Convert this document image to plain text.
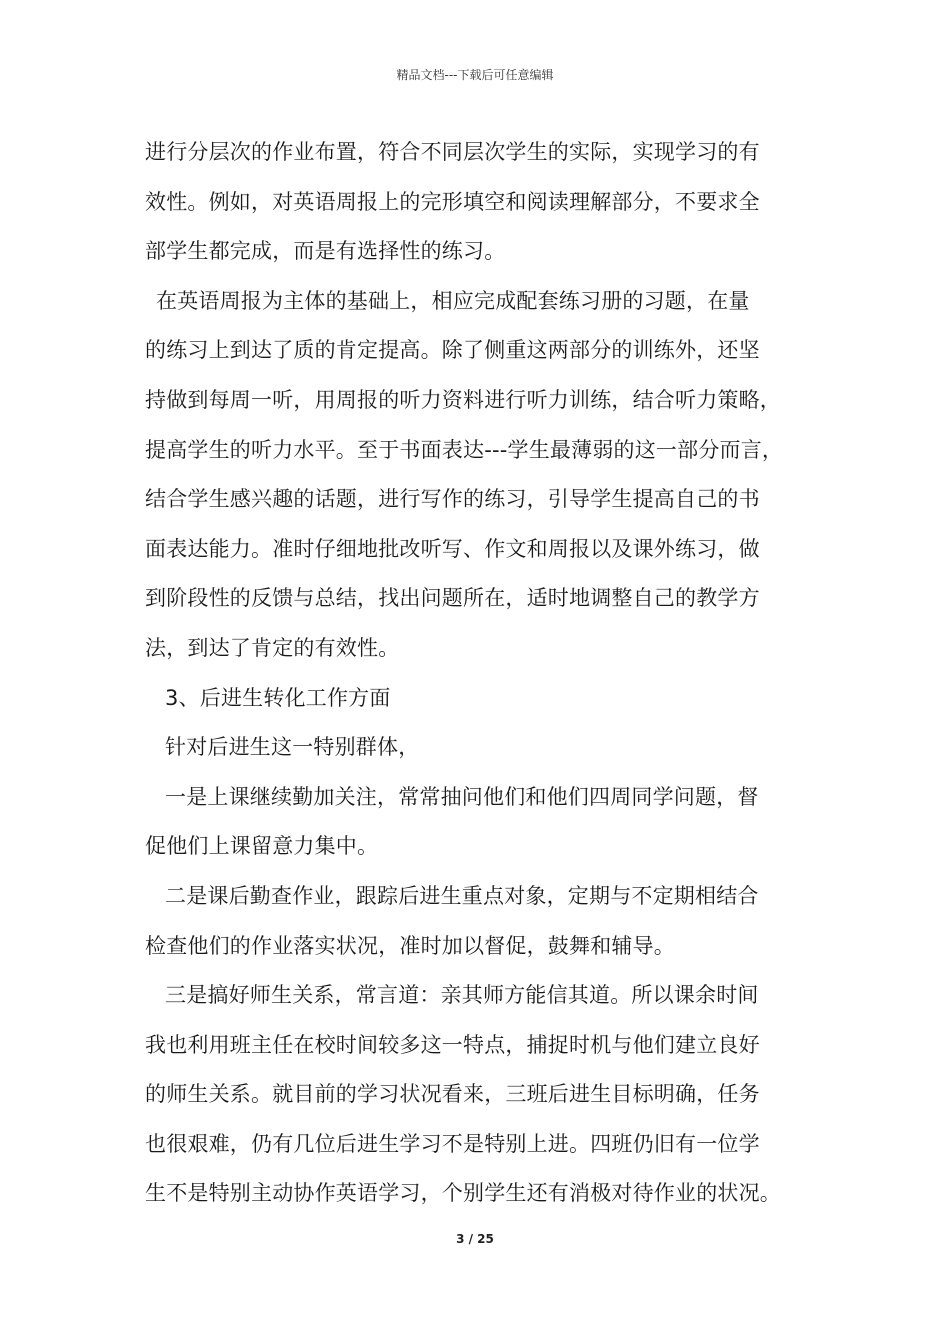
精品文档---下载后可任意编辑
进行分层次的作业布置，符合不同层次学生的实际，实现学习的有
效性。例如，对英语周报上的完形填空和阅读理解部分，不要求全
部学生都完成，而是有选择性的练习。
在英语周报为主体的基础上，相应完成配套练习册的习题，在量
的练习上到达了质的肯定提高。除了侧重这两部分的训练外，还坚
持做到每周一听，用周报的听力资料进行听力训练，结合听力策略，
提高学生的听力水平。至于书面表达---学生最薄弱的这一部分而言，
结合学生感兴趣的话题，进行写作的练习，引导学生提高自己的书
面表达能力。准时仔细地批改听写、作文和周报以及课外练习，做
到阶段性的反馈与总结，找出问题所在，适时地调整自己的教学方
法，到达了肯定的有效性。
3、后进生转化工作方面
针对后进生这一特别群体，
一是上课继续勤加关注，常常抽问他们和他们四周同学问题，督
促他们上课留意力集中。
二是课后勤查作业，跟踪后进生重点对象，定期与不定期相结合
检查他们的作业落实状况，准时加以督促，鼓舞和辅导。
三是搞好师生关系，常言道：亲其师方能信其道。所以课余时间
我也利用班主任在校时间较多这一特点，捕捉时机与他们建立良好
的师生关系。就目前的学习状况看来，三班后进生目标明确，任务
也很艰难，仍有几位后进生学习不是特别上进。四班仍旧有一位学
生不是特别主动协作英语学习，个别学生还有消极对待作业的状况。
3 / 25
